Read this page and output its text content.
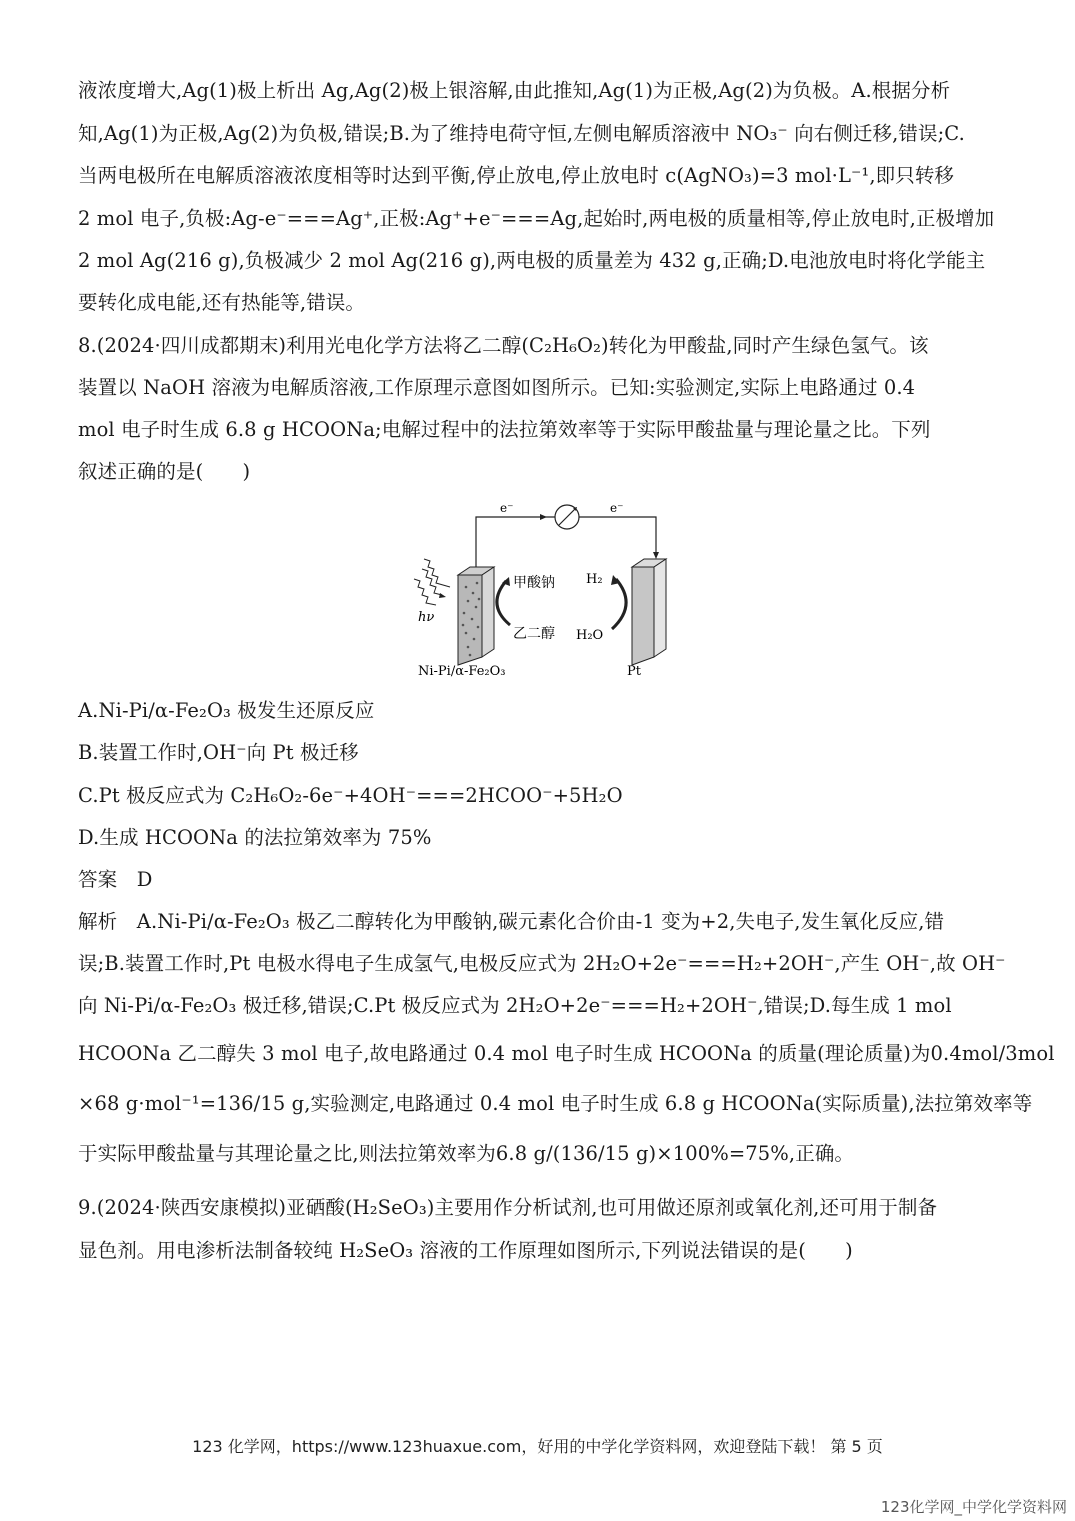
液浓度增大,Ag(1)极上析出 Ag,Ag(2)极上银溶解,由此推知,Ag(1)为正极,Ag(2)为负极。A.根据分析
知,Ag(1)为正极,Ag(2)为负极,错误;B.为了维持电荷守恒,左侧电解质溶液中 NO₃⁻ 向右侧迁移,错误;C.
当两电极所在电解质溶液浓度相等时达到平衡,停止放电,停止放电时 c(AgNO₃)=3 mol·L⁻¹,即只转移
2 mol 电子,负极:Ag-e⁻===Ag⁺,正极:Ag⁺+e⁻===Ag,起始时,两电极的质量相等,停止放电时,正极增加
2 mol Ag(216 g),负极减少 2 mol Ag(216 g),两电极的质量差为 432 g,正确;D.电池放电时将化学能主
要转化成电能,还有热能等,错误。
8.(2024·四川成都期末)利用光电化学方法将乙二醇(C₂H₆O₂)转化为甲酸盐,同时产生绿色氢气。该
装置以 NaOH 溶液为电解质溶液,工作原理示意图如图所示。已知:实验测定,实际上电路通过 0.4
mol 电子时生成 6.8 g HCOONa;电解过程中的法拉第效率等于实际甲酸盐量与理论量之比。下列
叙述正确的是(　　)
e⁻	e⁻
hν
甲酸钠
乙二醇
H₂
H₂O
Ni-Pi/α-Fe₂O₃	Pt
A.Ni-Pi/α-Fe₂O₃ 极发生还原反应
B.装置工作时,OH⁻向 Pt 极迁移
C.Pt 极反应式为 C₂H₆O₂-6e⁻+4OH⁻===2HCOO⁻+5H₂O
D.生成 HCOONa 的法拉第效率为 75%
答案　D
解析　A.Ni-Pi/α-Fe₂O₃ 极乙二醇转化为甲酸钠,碳元素化合价由-1 变为+2,失电子,发生氧化反应,错
误;B.装置工作时,Pt 电极水得电子生成氢气,电极反应式为 2H₂O+2e⁻===H₂+2OH⁻,产生 OH⁻,故 OH⁻
向 Ni-Pi/α-Fe₂O₃ 极迁移,错误;C.Pt 极反应式为 2H₂O+2e⁻===H₂+2OH⁻,错误;D.每生成 1 mol
HCOONa 乙二醇失 3 mol 电子,故电路通过 0.4 mol 电子时生成 HCOONa 的质量(理论质量)为0.4mol/3mol
×68 g·mol⁻¹=136/15 g,实验测定,电路通过 0.4 mol 电子时生成 6.8 g HCOONa(实际质量),法拉第效率等
于实际甲酸盐量与其理论量之比,则法拉第效率为6.8 g/(136/15 g)×100%=75%,正确。
9.(2024·陕西安康模拟)亚硒酸(H₂SeO₃)主要用作分析试剂,也可用做还原剂或氧化剂,还可用于制备
显色剂。用电渗析法制备较纯 H₂SeO₃ 溶液的工作原理如图所示,下列说法错误的是(　　)
123 化学网，https://www.123huaxue.com，好用的中学化学资料网，欢迎登陆下载！ 第 5 页
123化学网_中学化学资料网
